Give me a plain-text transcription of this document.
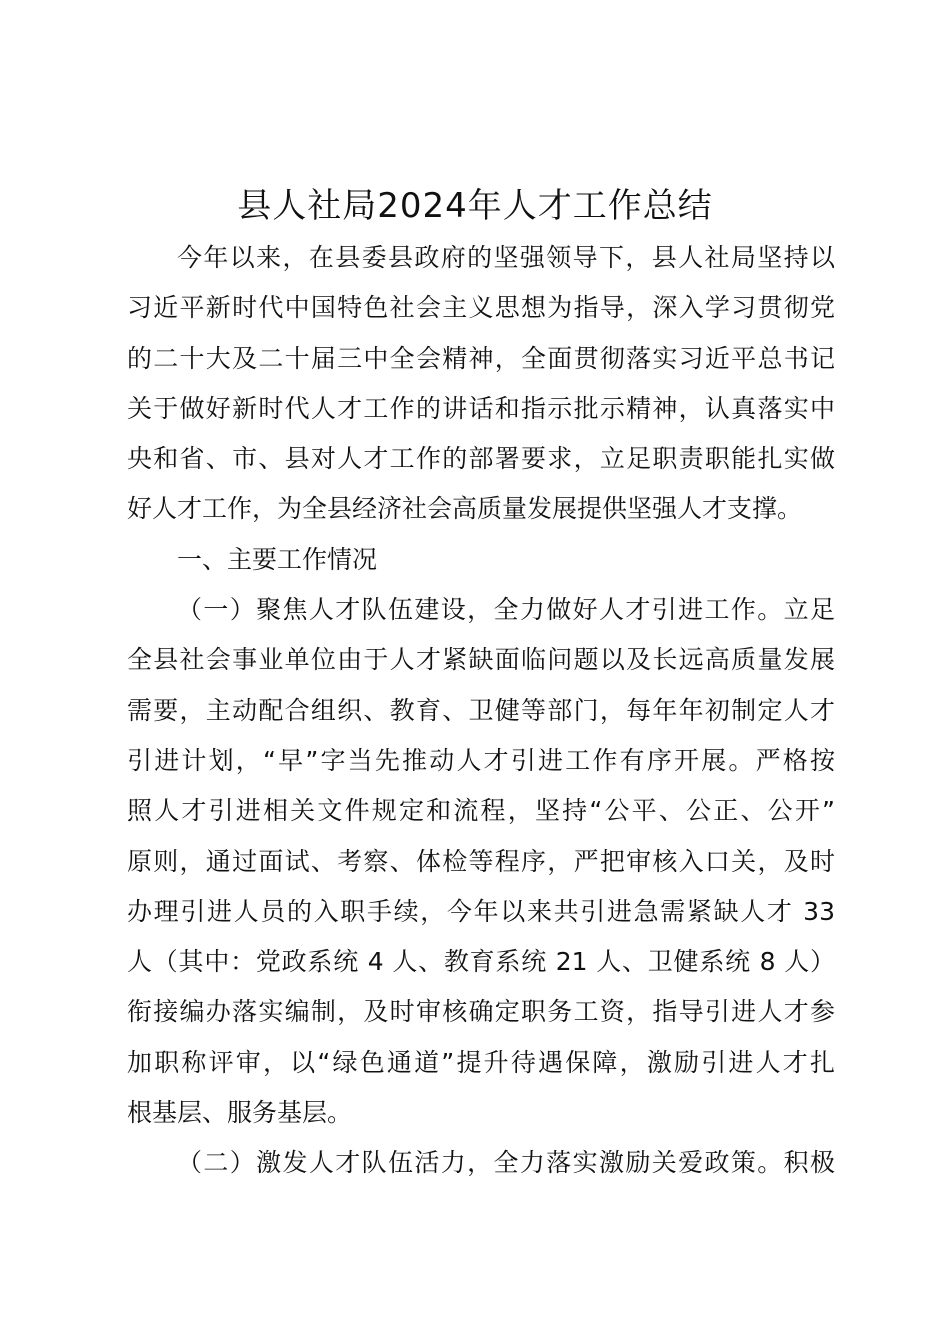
县人社局2024年人才工作总结
今年以来，在县委县政府的坚强领导下，县人社局坚持以
习近平新时代中国特色社会主义思想为指导，深入学习贯彻党
的二十大及二十届三中全会精神，全面贯彻落实习近平总书记
关于做好新时代人才工作的讲话和指示批示精神，认真落实中
央和省、市、县对人才工作的部署要求，立足职责职能扎实做
好人才工作，为全县经济社会高质量发展提供坚强人才支撑。
一、主要工作情况
（一）聚焦人才队伍建设，全力做好人才引进工作。立足
全县社会事业单位由于人才紧缺面临问题以及长远高质量发展
需要，主动配合组织、教育、卫健等部门，每年年初制定人才
引进计划，“早”字当先推动人才引进工作有序开展。严格按
照人才引进相关文件规定和流程，坚持“公平、公正、公开”
原则，通过面试、考察、体检等程序，严把审核入口关，及时
办理引进人员的入职手续，今年以来共引进急需紧缺人才 33
人（其中：党政系统 4 人、教育系统 21 人、卫健系统 8 人）
衔接编办落实编制，及时审核确定职务工资，指导引进人才参
加职称评审，以“绿色通道”提升待遇保障，激励引进人才扎
根基层、服务基层。
（二）激发人才队伍活力，全力落实激励关爱政策。积极
